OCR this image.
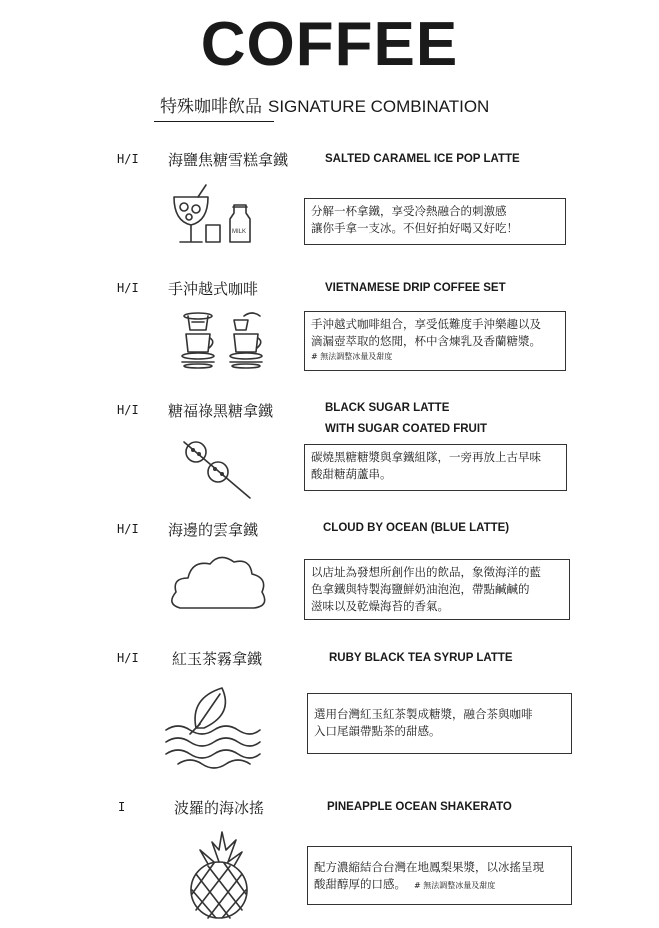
COFFEE
特殊咖啡飲品 SIGNATURE COMBINATION
H/I 海鹽焦糖雪糕拿鐵	SALTED CARAMEL ICE POP LATTE
MILK
分解一杯拿鐵，享受冷熱融合的刺激感
讓你手拿一支冰。不但好拍好喝又好吃！
H/I 手沖越式咖啡	VIETNAMESE DRIP COFFEE SET
手沖越式咖啡組合，享受低難度手沖樂趣以及
滴漏壺萃取的悠閒，杯中含煉乳及香蘭糖漿。
# 無法調整冰量及甜度
H/I 糖福祿黑糖拿鐵	BLACK SUGAR LATTE
WITH SUGAR COATED FRUIT
碳燒黑糖糖漿與拿鐵組隊，一旁再放上古早味
酸甜糖葫蘆串。
H/I 海邊的雲拿鐵	CLOUD BY OCEAN (BLUE LATTE)
以店址為發想所創作出的飲品，象徵海洋的藍
色拿鐵與特製海鹽鮮奶油泡泡，帶點鹹鹹的
滋味以及乾燥海苔的香氣。
H/I 紅玉茶霧拿鐵	RUBY BLACK TEA SYRUP LATTE
選用台灣紅玉紅茶製成糖漿，融合茶與咖啡
入口尾韻帶點茶的甜感。
I	波羅的海冰搖	PINEAPPLE OCEAN SHAKERATO
配方濃縮結合台灣在地鳳梨果漿，以冰搖呈現
酸甜醇厚的口感。 # 無法調整冰量及甜度
